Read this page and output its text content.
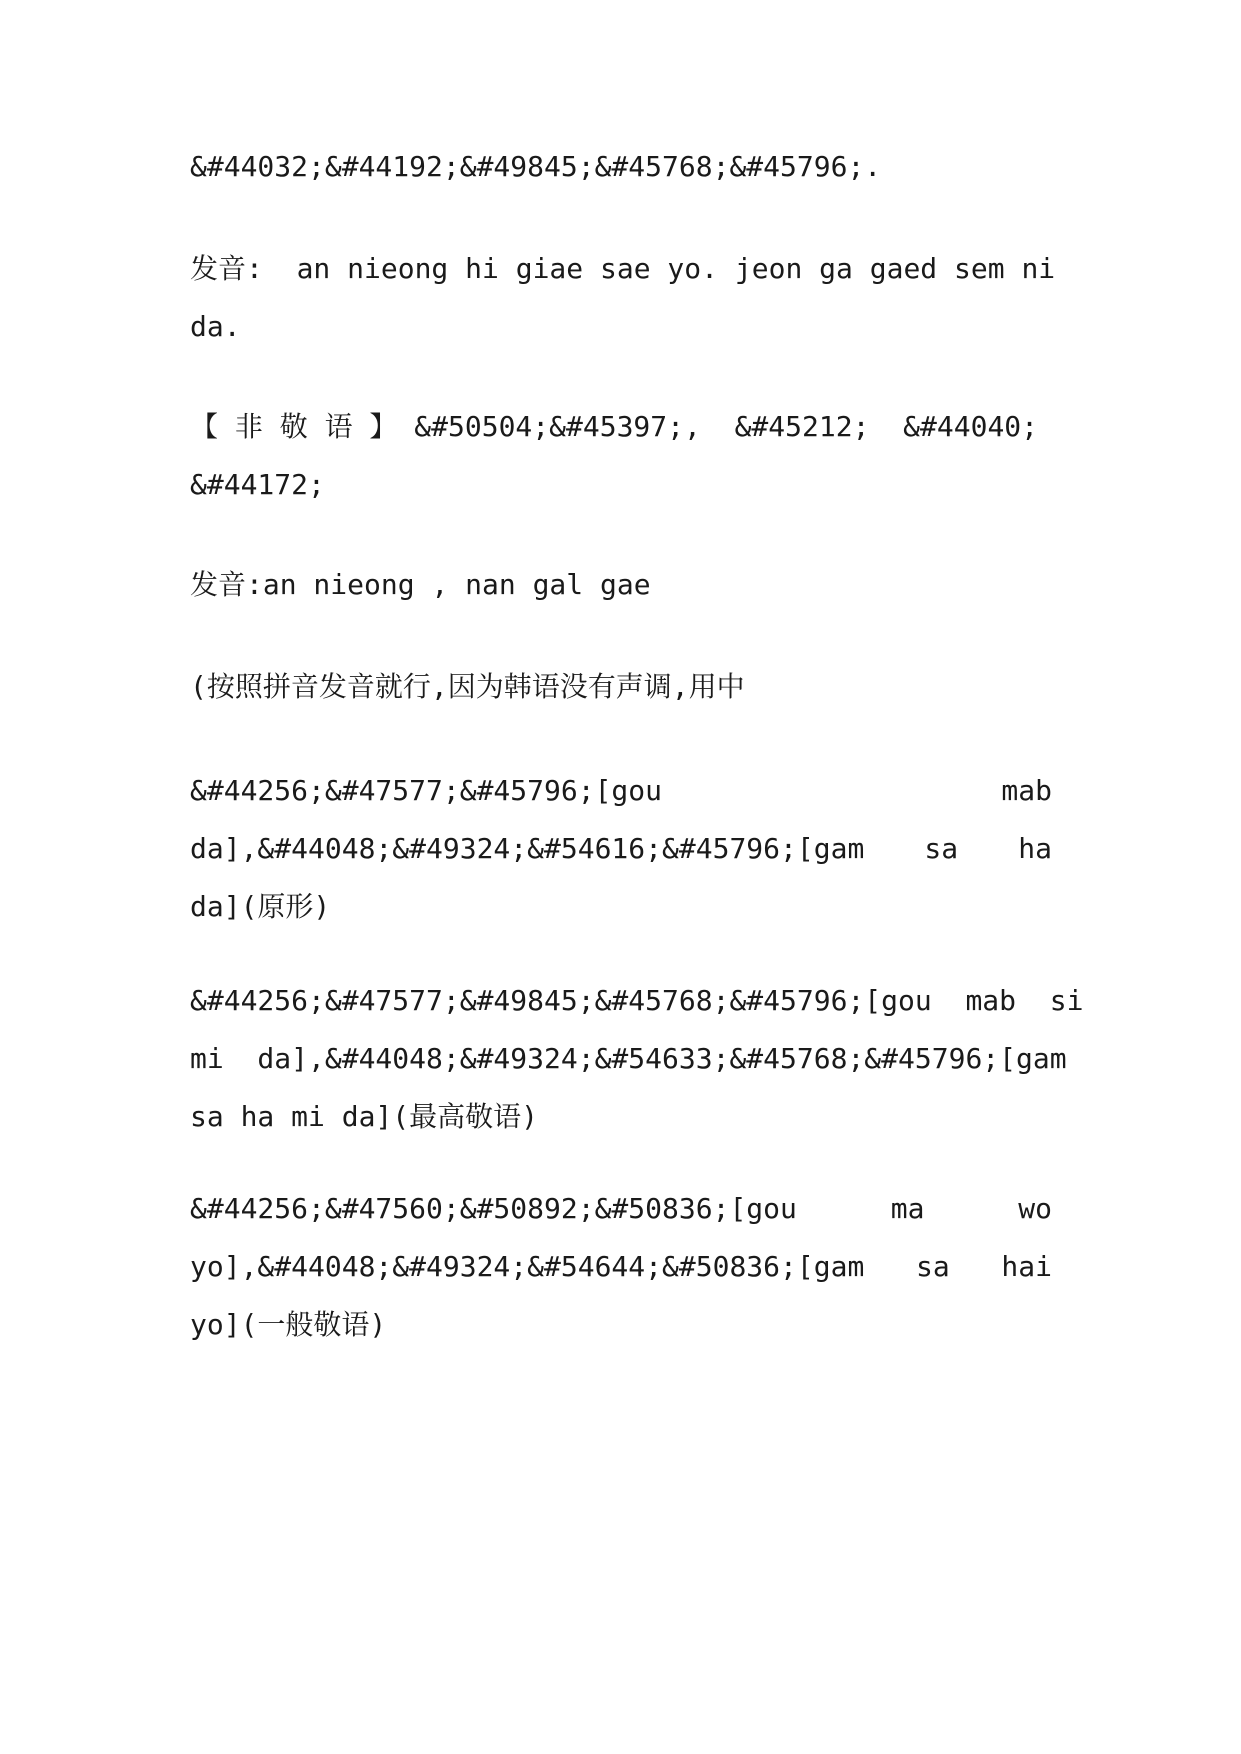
&#44032;&#44192;&#49845;&#45768;&#45796;.
发音:  an nieong hi giae sae yo. jeon ga gaed sem ni
da.
【 非 敬 语 】 &#50504;&#45397;,  &#45212;  &#44040;
&#44172;
发音:an nieong , nan gal gae
(按照拼音发音就行,因为韩语没有声调,用中
&#44256;&#47577;&#45796;[gou	mab
da],&#44048;&#49324;&#54616;&#45796;[gam sa ha
da](原形)
&#44256;&#47577;&#49845;&#45768;&#45796;[gou  mab  si
mi  da],&#44048;&#49324;&#54633;&#45768;&#45796;[gam
sa ha mi da](最高敬语)
&#44256;&#47560;&#50892;&#50836;[gou	ma	wo
yo],&#44048;&#49324;&#54644;&#50836;[gam sa hai
yo](一般敬语)
